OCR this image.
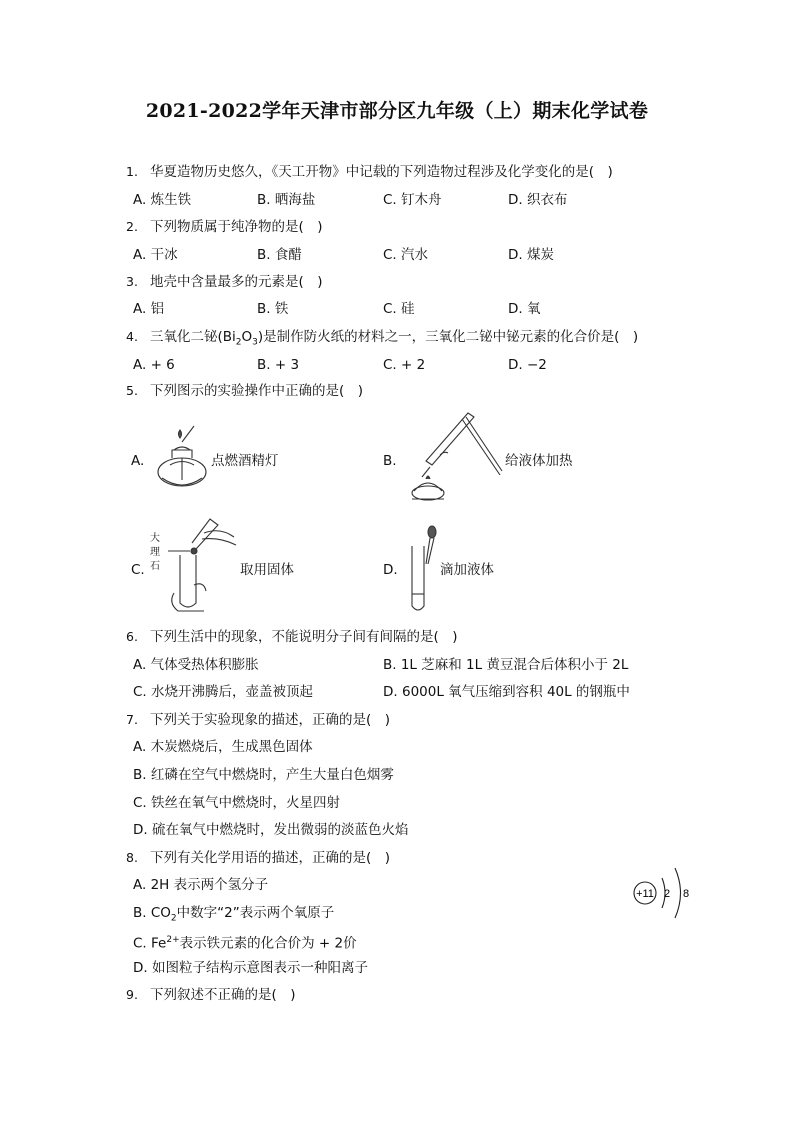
2021-2022学年天津市部分区九年级（上）期末化学试卷
1. 华夏造物历史悠久，《天工开物》中记载的下列造物过程涉及化学变化的是(　)
A. 炼生铁	B. 晒海盐	C. 钉木舟	D. 织衣布
2. 下列物质属于纯净物的是(　)
A. 干冰	B. 食醋	C. 汽水	D. 煤炭
3. 地壳中含量最多的元素是(　)
A. 铝	B. 铁	C. 硅	D. 氧
4. 三氧化二铋$(Bi_2O_3)$是制作防火纸的材料之一，三氧化二铋中铋元素的化合价是(　)
A. + 6	B. + 3	C. + 2	D. −2
5. 下列图示的实验操作中正确的是(　)
A.	点燃酒精灯	B.	给液体加热
C.
大
理
石	取用固体	D.	滴加液体
6. 下列生活中的现象，不能说明分子间有间隔的是(　)
A. 气体受热体积膨胀	B. 1L 芝麻和 1L 黄豆混合后体积小于 2L
C. 水烧开沸腾后，壶盖被顶起	D. 6000L 氧气压缩到容积 40L 的钢瓶中
7. 下列关于实验现象的描述，正确的是(　)
A. 木炭燃烧后，生成黑色固体
B. 红磷在空气中燃烧时，产生大量白色烟雾
C. 铁丝在氧气中燃烧时，火星四射
D. 硫在氧气中燃烧时，发出微弱的淡蓝色火焰
8. 下列有关化学用语的描述，正确的是(　)
A. 2H 表示两个氢分子
B. $CO_2$中数字“2”表示两个氧原子
C. $Fe^{2+}$表示铁元素的化合价为 + 2价
D. 如图粒子结构示意图表示一种阳离子
+11 2 8
9. 下列叙述不正确的是(　)
